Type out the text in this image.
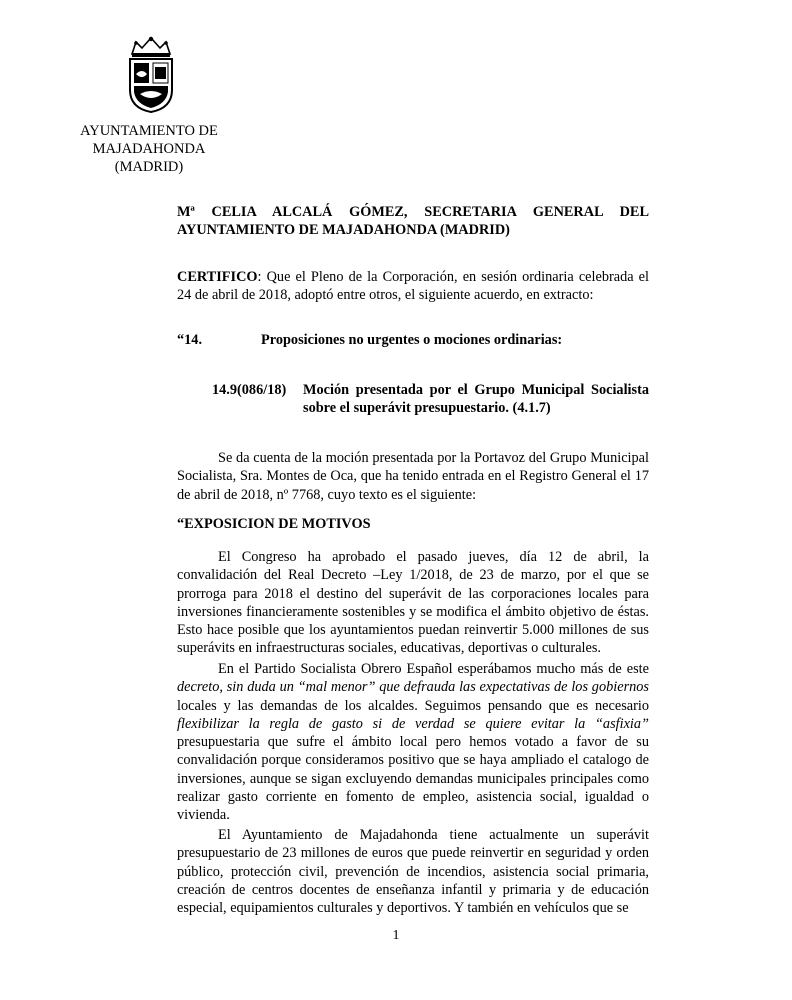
AYUNTAMIENTO DE
MAJADAHONDA
(MADRID)
Mª CELIA ALCALÁ GÓMEZ, SECRETARIA GENERAL DEL AYUNTAMIENTO DE MAJADAHONDA (MADRID)
CERTIFICO: Que el Pleno de la Corporación, en sesión ordinaria celebrada el 24 de abril de 2018, adoptó entre otros, el siguiente acuerdo, en extracto:
“14.	Proposiciones no urgentes o mociones ordinarias:
14.9(086/18) Moción presentada por el Grupo Municipal Socialista sobre el superávit presupuestario. (4.1.7)

Se da cuenta de la moción presentada por la Portavoz del Grupo Municipal Socialista, Sra. Montes de Oca, que ha tenido entrada en el Registro General el 17 de abril de 2018, nº 7768, cuyo texto es el siguiente:

“EXPOSICION DE MOTIVOS

El Congreso ha aprobado el pasado jueves, día 12 de abril, la convalidación del Real Decreto –Ley 1/2018, de 23 de marzo, por el que se prorroga para 2018 el destino del superávit de las corporaciones locales para inversiones financieramente sostenibles y se modifica el ámbito objetivo de éstas. Esto hace posible que los ayuntamientos puedan reinvertir 5.000 millones de sus superávits en infraestructuras sociales, educativas, deportivas o culturales.

En el Partido Socialista Obrero Español esperábamos mucho más de este decreto, sin duda un “mal menor” que defrauda las expectativas de los gobiernos locales y las demandas de los alcaldes. Seguimos pensando que es necesario flexibilizar la regla de gasto si de verdad se quiere evitar la “asfixia” presupuestaria que sufre el ámbito local pero hemos votado a favor de su convalidación porque consideramos positivo que se haya ampliado el catalogo de inversiones, aunque se sigan excluyendo demandas municipales principales como realizar gasto corriente en fomento de empleo, asistencia social, igualdad o vivienda.

El Ayuntamiento de Majadahonda tiene actualmente un superávit presupuestario de 23 millones de euros que puede reinvertir en seguridad y orden público, protección civil, prevención de incendios, asistencia social primaria, creación de centros docentes de enseñanza infantil y primaria y de educación especial, equipamientos culturales y deportivos. Y también en vehículos que se

1
